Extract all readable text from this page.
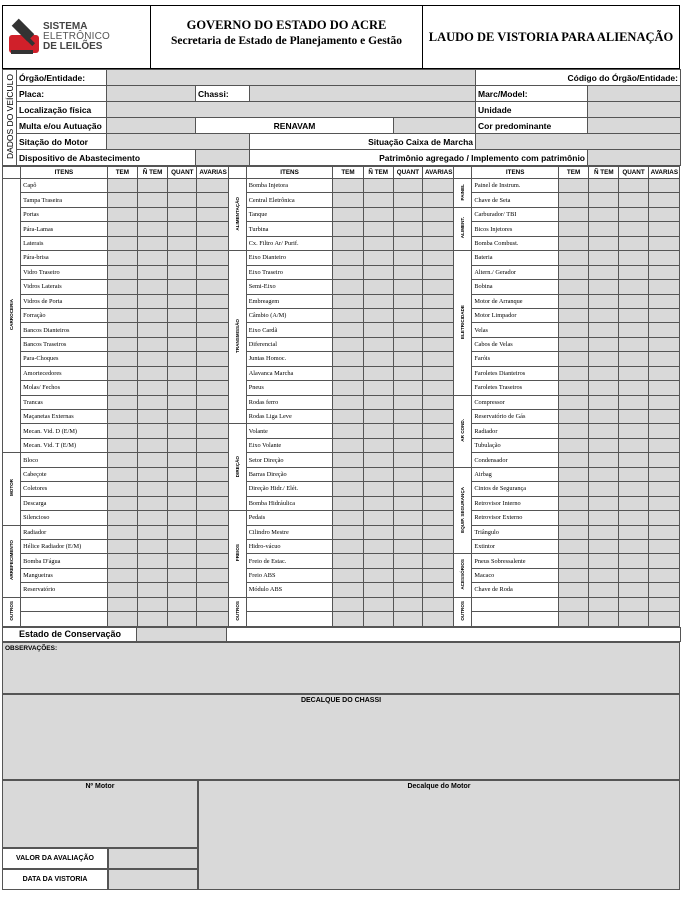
SISTEMA
ELETRÔNICO
DE LEILÕES
GOVERNO DO ESTADO DO ACRE
Secretaria de Estado de Planejamento e Gestão	LAUDO DE VISTORIA PARA ALIENAÇÃO
DADOS DO VEÍCULO	Órgão/Entidade:					Código do Órgão/Entidade:		
	Placa:		Chassi:			Marc/Model:		
	Localização física					Unidade		
	Multa e/ou Autuação		RENAVAM			Cor predominante		
	Sitação do Motor			Situação Caixa de Marcha				
	Dispositivo de Abastecimento			Patrimônio agregado / Implemento com patrimônio				
	ITENS	TEM	Ñ TEM	QUANT	AVARIAS		ITENS	TEM	Ñ TEM	QUANT	AVARIAS		ITENS	TEM	Ñ TEM	QUANT	AVARIAS
CARROCERIA	Capô					ALIMENTAÇÃO	Bomba Injetora					PAINEL	Painel de Instrum.				
	Tampa Traseira						Central Eletrônica						Chave de Seta				
	Portas						Tanque					ALIMENT.	Carburador/ TBI				
	Pára-Lamas						Turbina						Bicos Injetores				
	Laterais						Cx. Filtro Ar/ Purif.						Bomba Combust.				
	Pára-brisa					TRANSMISSÃO	Eixo Dianteiro					ELETRICIDADE	Bateria				
	Vidro Traseiro						Eixo Traseiro						Altern./ Gerador				
	Vidros Laterais						Semi-Eixo						Bobina				
	Vidros de Porta						Embreagem						Motor de Arranque				
	Forração						Câmbio (A/M)						Motor Limpador				
	Bancos Dianteiros						Eixo Cardã						Velas				
	Bancos Traseiros						Diferencial						Cabos de Velas				
	Para-Choques						Juntas Homoc.						Faróis				
	Amortecedores						Alavanca Marcha						Faroletes Dianteiros				
	Molas/ Fechos						Pneus						Faroletes Traseiros				
	Trancas						Rodas ferro					AR COND.	Compressor				
	Maçanetas Externas						Rodas Liga Leve						Reservatório de Gás				
	Mecan. Vid. D (E/M)					DIREÇÃO	Volante						Radiador				
	Mecan. Vid. T (E/M)						Eixo Volante						Tubulação				
MOTOR	Bloco						Setor Direção						Condensador				
	Cabeçote						Barras Direção					EQUIP. SEGURANÇA	Airbag				
	Coletores						Direção Hidr./ Elét.						Cintos de Segurança				
	Descarga						Bomba Hidráulica						Retrovisor Interno				
	Silencioso					FREIOS	Pedais						Retrovisor Externo				
ARREFECIMENTO	Radiador						Cilindro Mestre						Triângulo				
	Hélice Radiador (E/M)						Hidro-vácuo						Extintor				
	Bomba D'água						Freio de Estac.					ACESSÓRIOS	Pneus Sobressalente				
	Mangueiras						Freio ABS						Macaco				
	Reservatório						Módulo ABS						Chave de Roda				
OUTROS						OUTROS						OUTROS					

Estado de Conservação		
OBSERVAÇÕES:
DECALQUE DO CHASSI
Nº Motor
VALOR DA AVALIAÇÃO
DATA DA VISTORIA
Decalque do Motor
